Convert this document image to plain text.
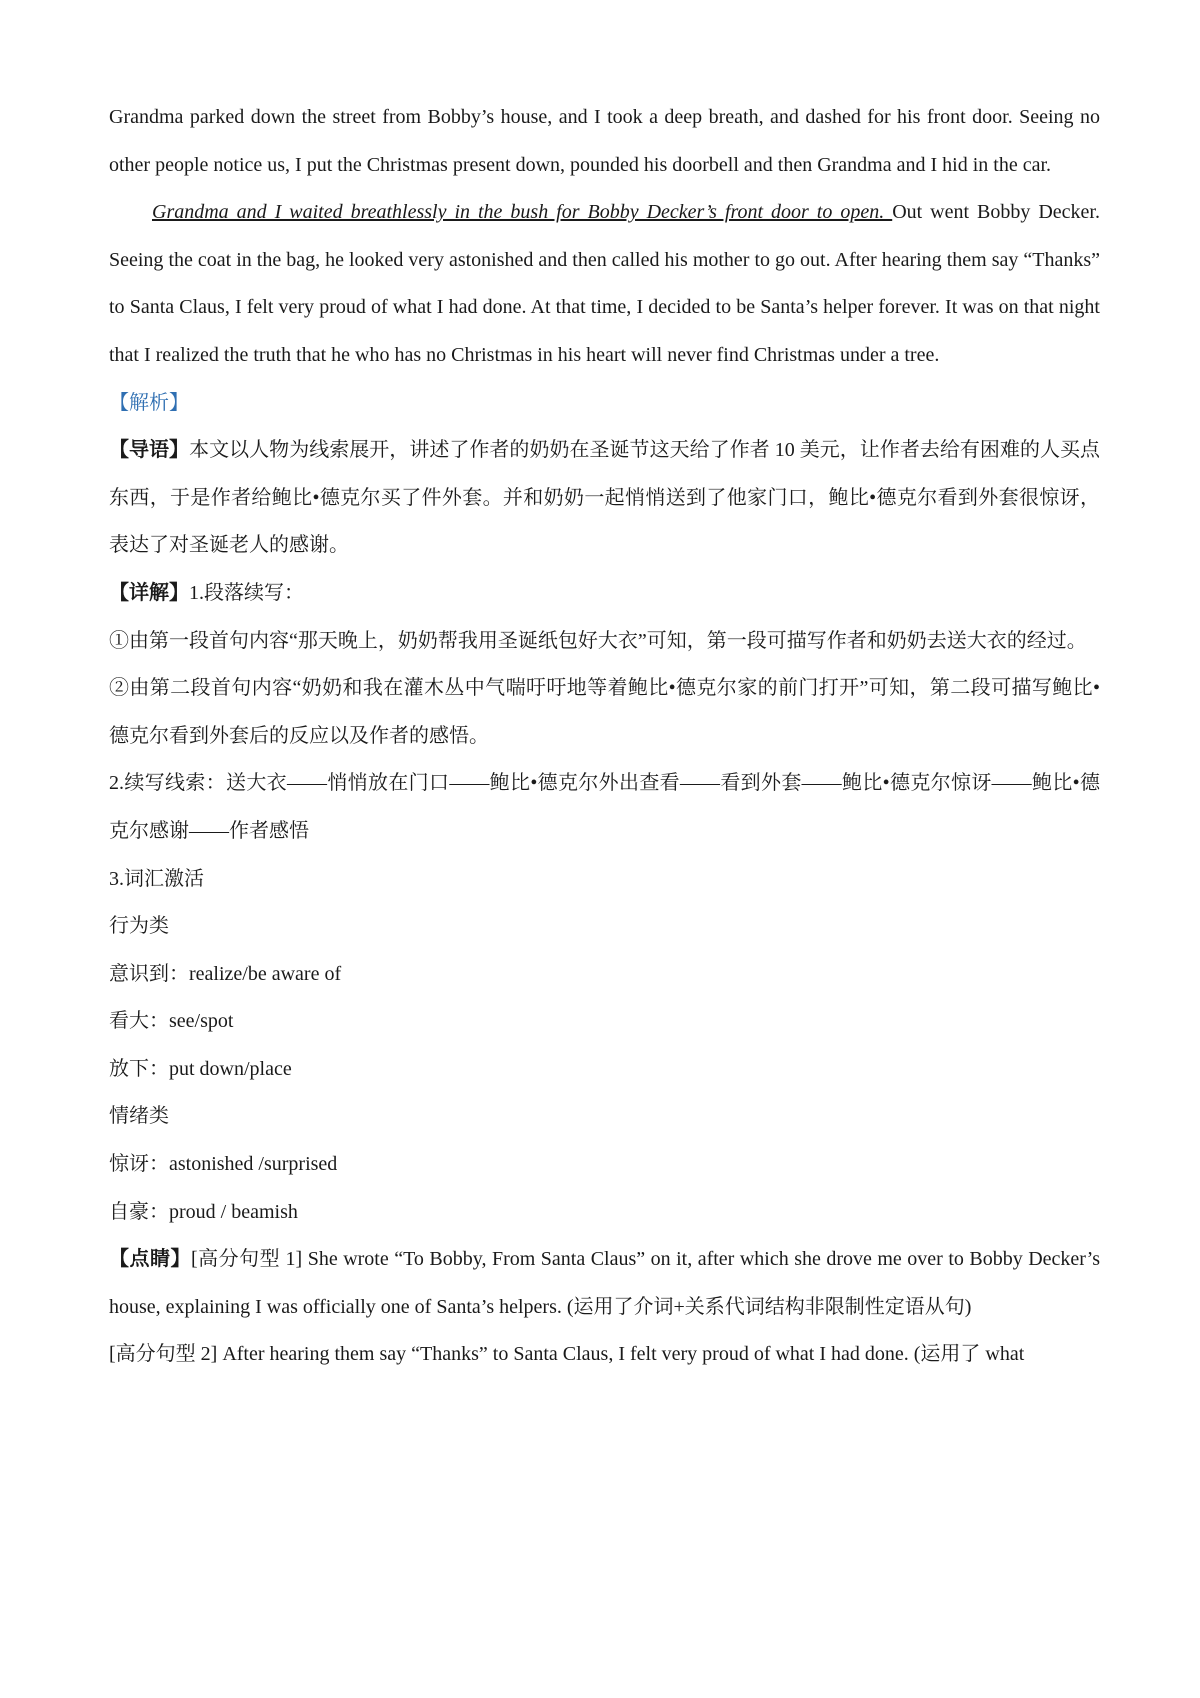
Grandma parked down the street from Bobby’s house, and I took a deep breath, and dashed for his front door. Seeing no other people notice us, I put the Christmas present down, pounded his doorbell and then Grandma and I hid in the car.

Grandma and I waited breathlessly in the bush for Bobby Decker’s front door to open. Out went Bobby Decker. Seeing the coat in the bag, he looked very astonished and then called his mother to go out. After hearing them say “Thanks” to Santa Claus, I felt very proud of what I had done. At that time, I decided to be Santa’s helper forever. It was on that night that I realized the truth that he who has no Christmas in his heart will never find Christmas under a tree.

【解析】

【导语】本文以人物为线索展开，讲述了作者的奶奶在圣诞节这天给了作者 10 美元，让作者去给有困难的人买点东西，于是作者给鲍比•德克尔买了件外套。并和奶奶一起悄悄送到了他家门口，鲍比•德克尔看到外套很惊讶，表达了对圣诞老人的感谢。

【详解】1.段落续写：

①由第一段首句内容“那天晚上，奶奶帮我用圣诞纸包好大衣”可知，第一段可描写作者和奶奶去送大衣的经过。

②由第二段首句内容“奶奶和我在灌木丛中气喘吁吁地等着鲍比•德克尔家的前门打开”可知，第二段可描写鲍比•德克尔看到外套后的反应以及作者的感悟。

2.续写线索：送大衣——悄悄放在门口——鲍比•德克尔外出查看——看到外套——鲍比•德克尔惊讶——鲍比•德克尔感谢——作者感悟

3.词汇激活

行为类

意识到：realize/be aware of

看大：see/spot

放下：put down/place

情绪类

惊讶：astonished /surprised

自豪：proud / beamish

【点睛】[高分句型 1] She wrote “To Bobby, From Santa Claus” on it, after which she drove me over to Bobby Decker’s house, explaining I was officially one of Santa’s helpers. (运用了介词+关系代词结构非限制性定语从句)

[高分句型 2] After hearing them say “Thanks” to Santa Claus, I felt very proud of what I had done. (运用了 what
